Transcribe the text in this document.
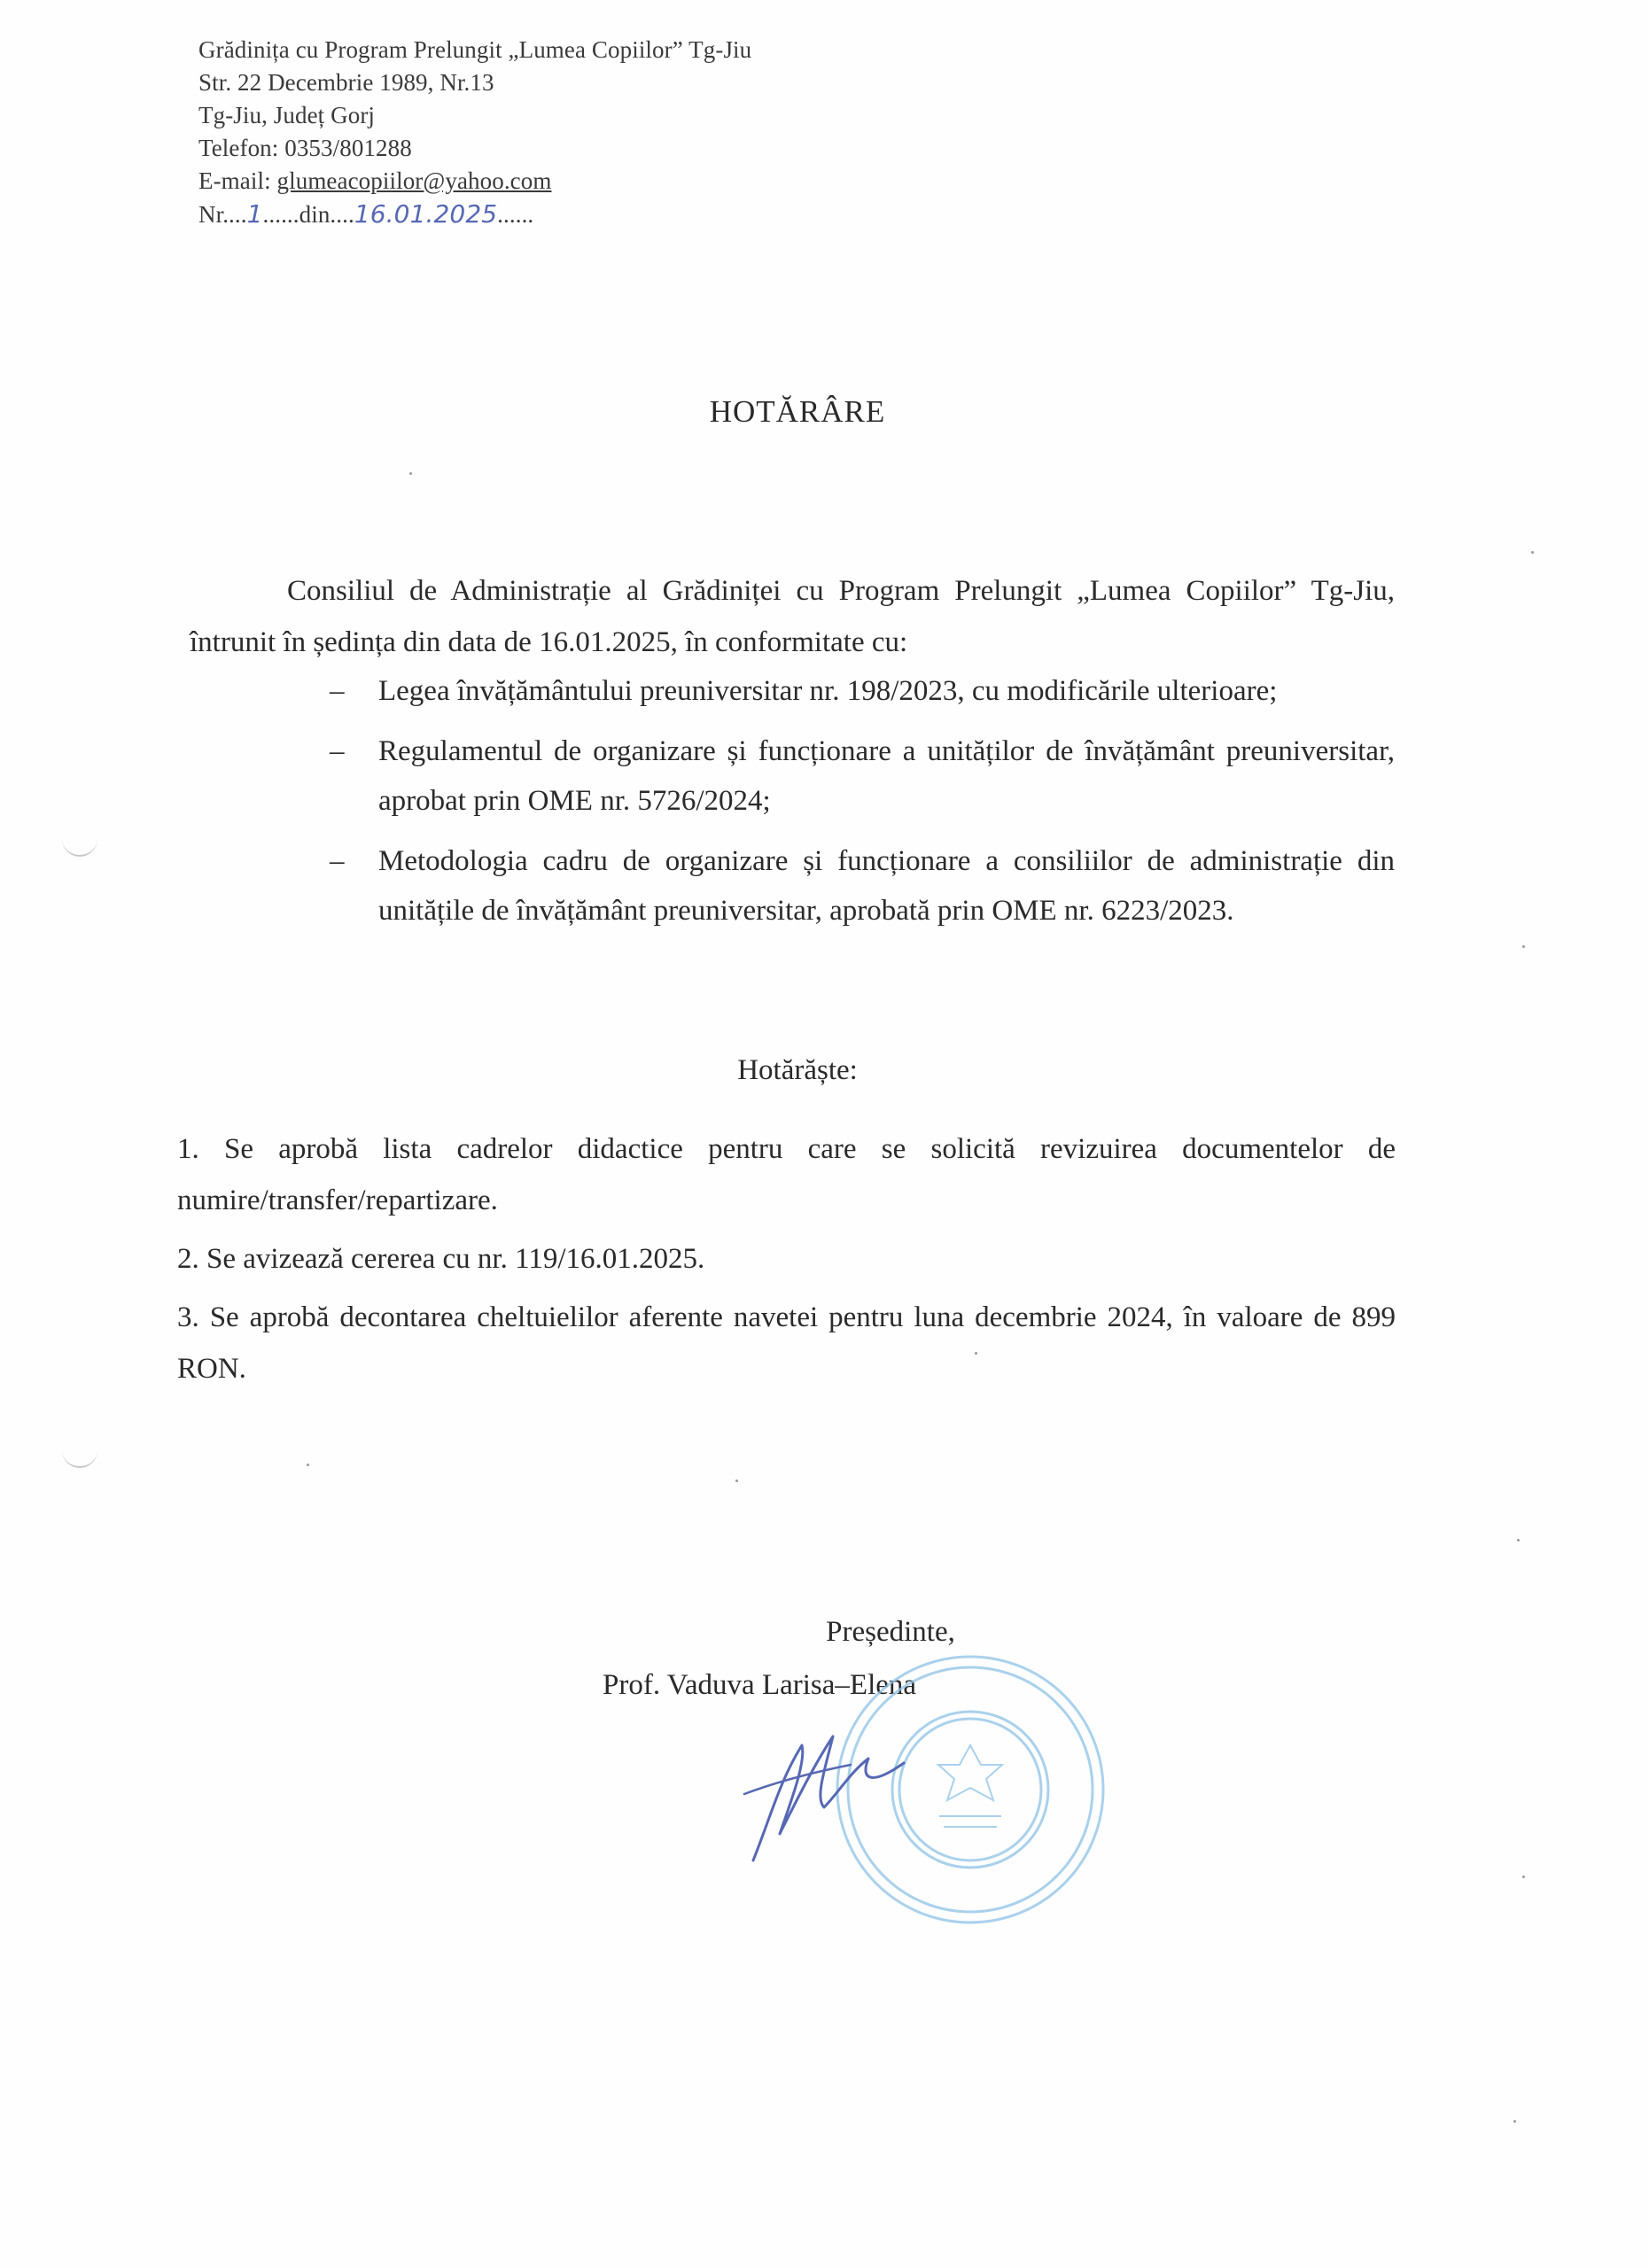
Grădinița cu Program Prelungit „Lumea Copiilor” Tg-Jiu
Str. 22 Decembrie 1989, Nr.13
Tg-Jiu, Județ Gorj
Telefon: 0353/801288
E-mail: glumeacopiilor@yahoo.com
Nr....1......din....16.01.2025......
HOTĂRÂRE
Consiliul de Administrație al Grădiniței cu Program Prelungit „Lumea Copiilor” Tg-Jiu, întrunit în ședința din data de 16.01.2025, în conformitate cu:
– Legea învățământului preuniversitar nr. 198/2023, cu modificările ulterioare;
– Regulamentul de organizare și funcționare a unităților de învățământ preuniversitar, aprobat prin OME nr. 5726/2024;
– Metodologia cadru de organizare și funcționare a consiliilor de administrație din unitățile de învățământ preuniversitar, aprobată prin OME nr. 6223/2023.
Hotărăște:
1. Se aprobă lista cadrelor didactice pentru care se solicită revizuirea documentelor de numire/transfer/repartizare.
2. Se avizează cererea cu nr. 119/16.01.2025.
3. Se aprobă decontarea cheltuielilor aferente navetei pentru luna decembrie 2024, în valoare de 899 RON.
Președinte,
Prof. Vaduva Larisa–Elena
